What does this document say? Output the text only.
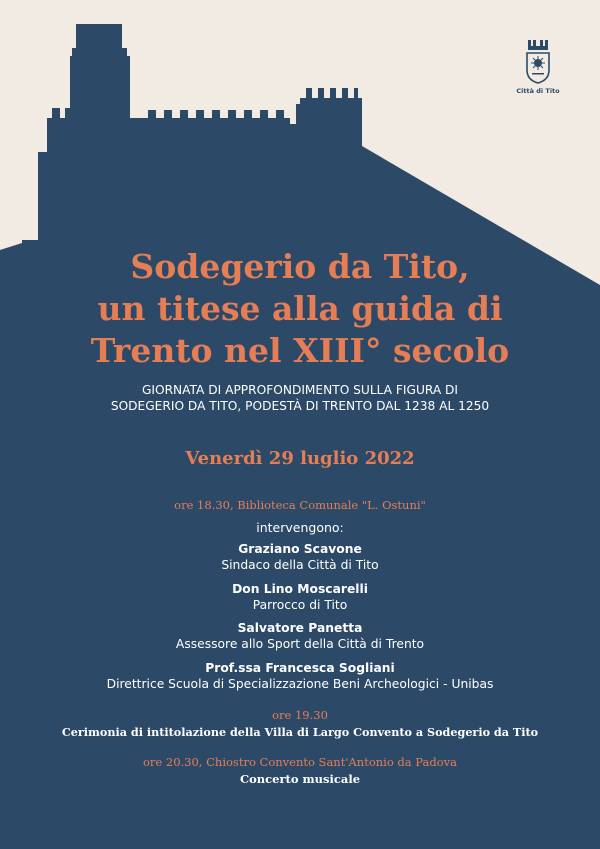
Città di Tito
Sodegerio da Tito,
un titese alla guida di
Trento nel XIII° secolo

GIORNATA DI APPROFONDIMENTO SULLA FIGURA DI
SODEGERIO DA TITO, PODESTÀ DI TRENTO DAL 1238 AL 1250

Venerdì 29 luglio 2022
ore 18.30, Biblioteca Comunale "L. Ostuni"
intervengono:
Graziano Scavone
Sindaco della Città di Tito
Don Lino Moscarelli
Parrocco di Tito
Salvatore Panetta
Assessore allo Sport della Città di Trento
Prof.ssa Francesca Sogliani
Direttrice Scuola di Specializzazione Beni Archeologici - Unibas
ore 19.30
Cerimonia di intitolazione della Villa di Largo Convento a Sodegerio da Tito
ore 20.30, Chiostro Convento Sant'Antonio da Padova
Concerto musicale
